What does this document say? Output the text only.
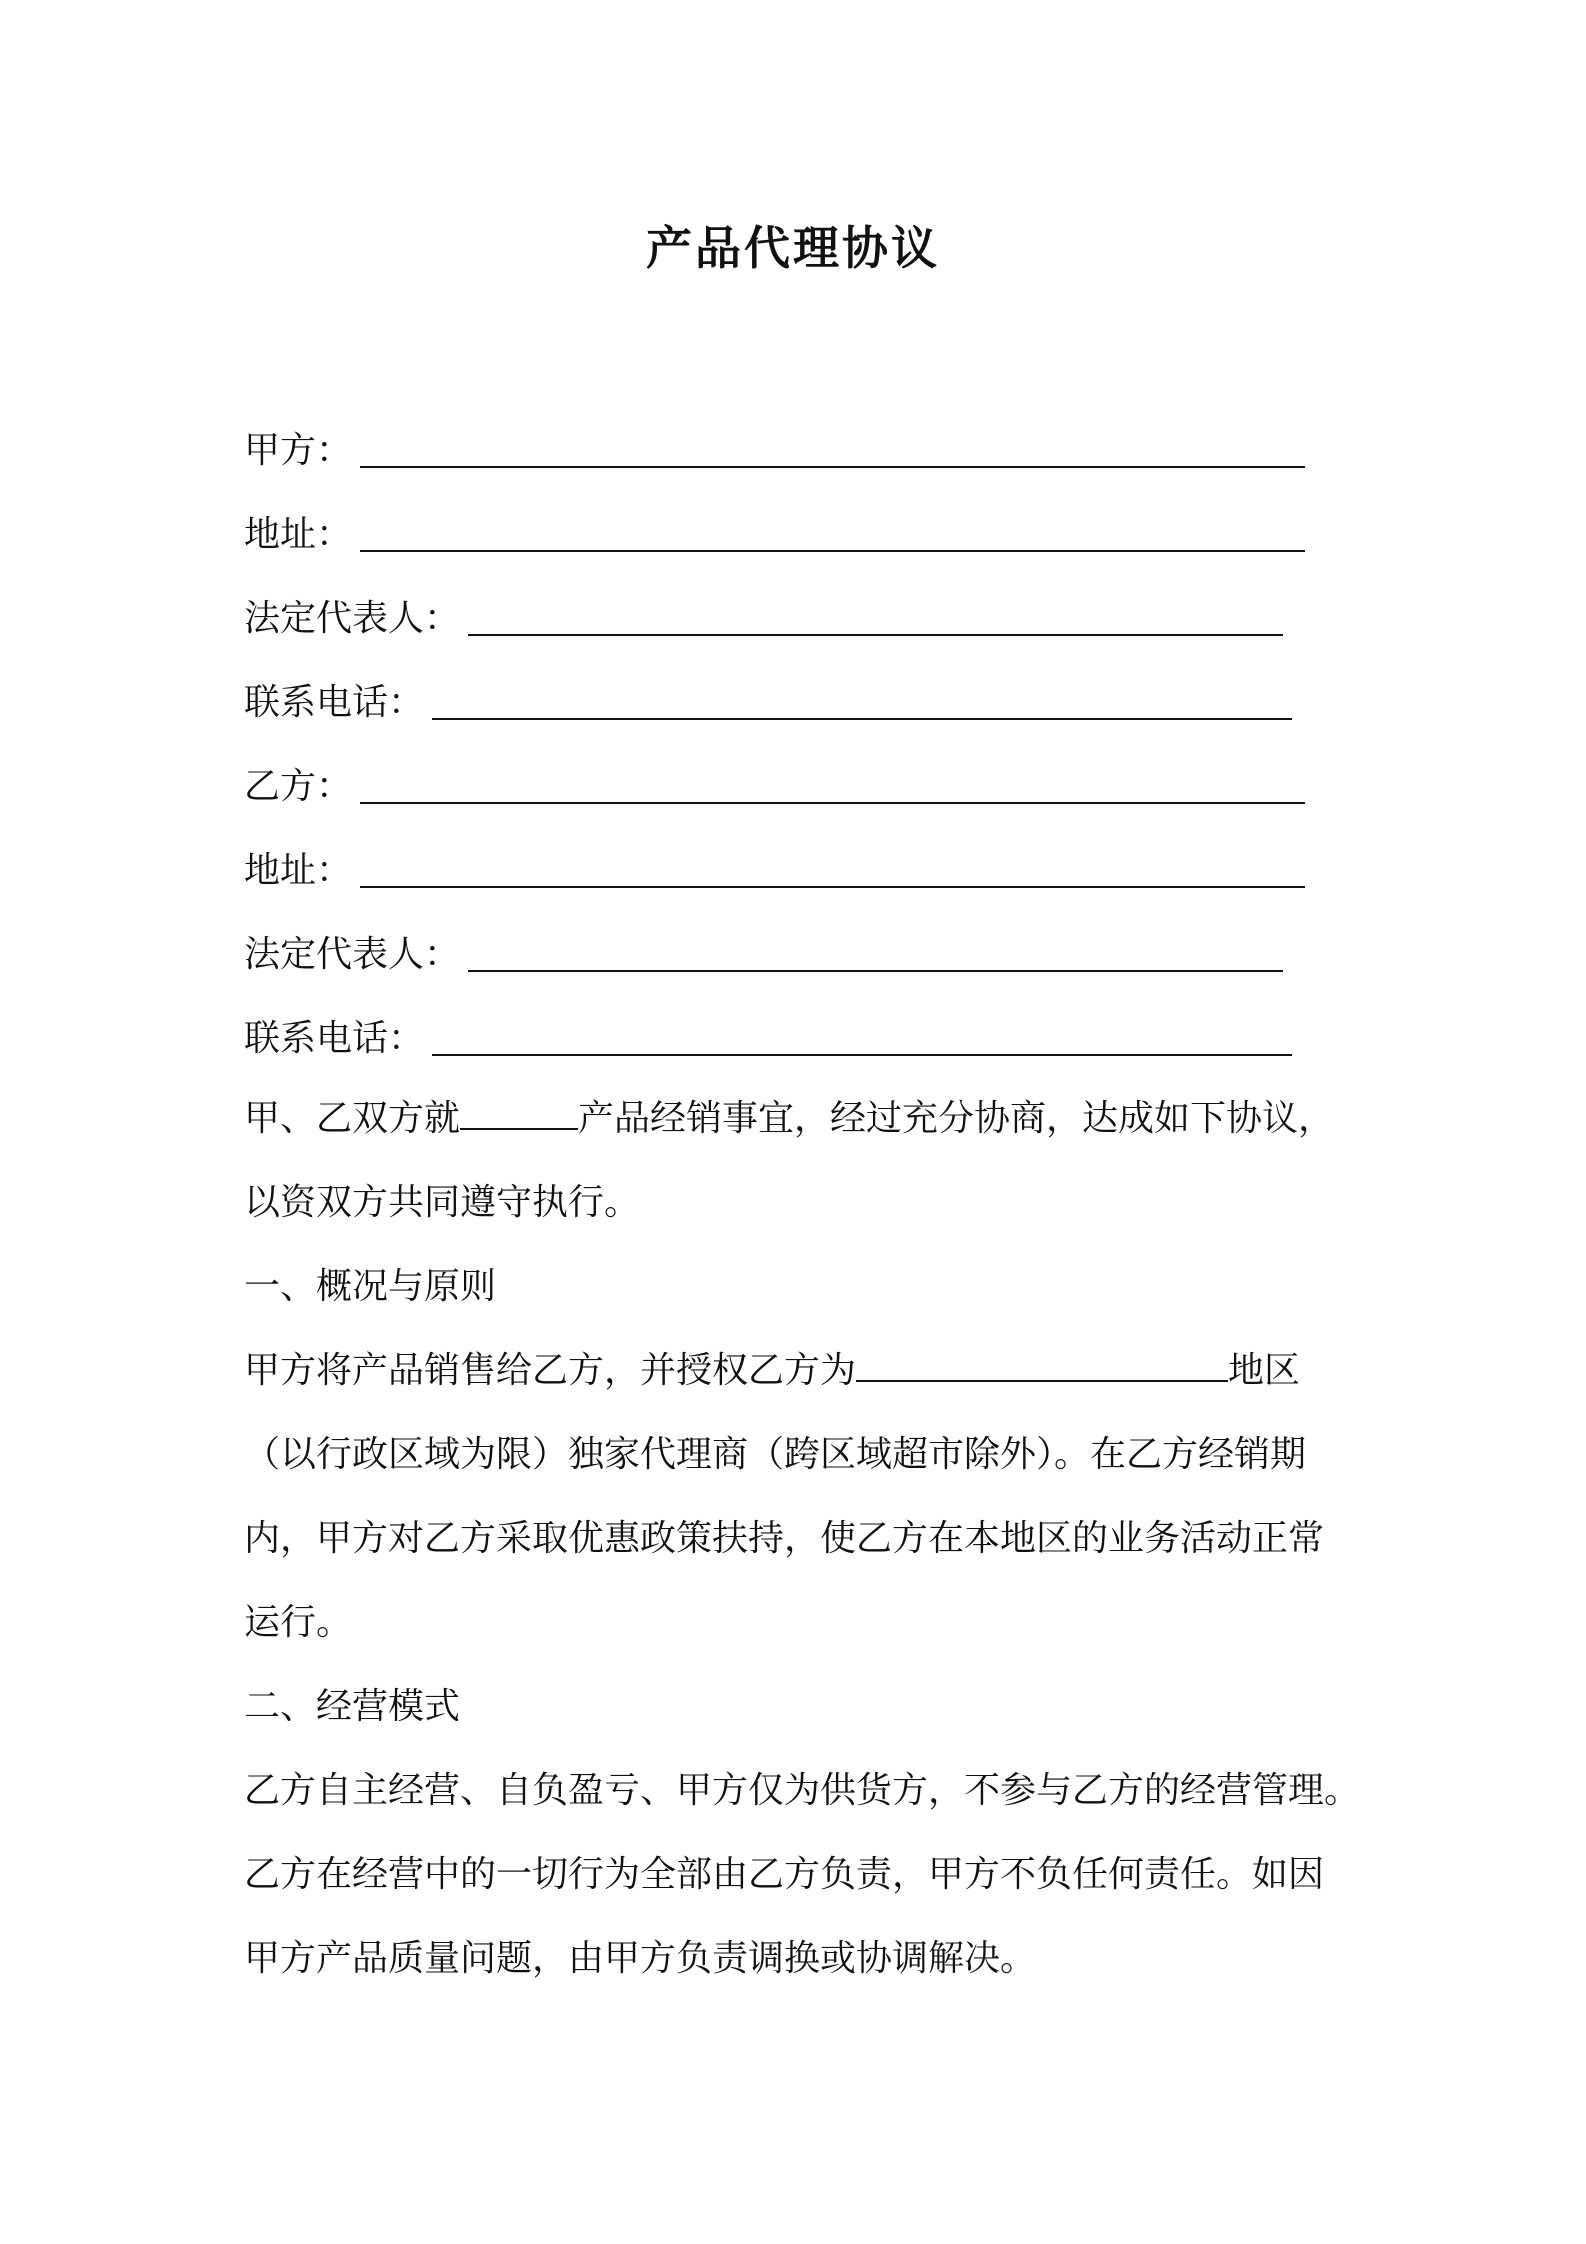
产品代理协议
甲方：
地址：
法定代表人：
联系电话：
乙方：
地址：
法定代表人：
联系电话：
甲、乙双方就	产品经销事宜，经过充分协商，达成如下协议，
以资双方共同遵守执行。
一、概况与原则
甲方将产品销售给乙方，并授权乙方为	地区
（以行政区域为限）独家代理商（跨区域超市除外）。在乙方经销期
内，甲方对乙方采取优惠政策扶持，使乙方在本地区的业务活动正常
运行。
二、经营模式
乙方自主经营、自负盈亏、甲方仅为供货方，不参与乙方的经营管理。
乙方在经营中的一切行为全部由乙方负责，甲方不负任何责任。如因
甲方产品质量问题，由甲方负责调换或协调解决。
